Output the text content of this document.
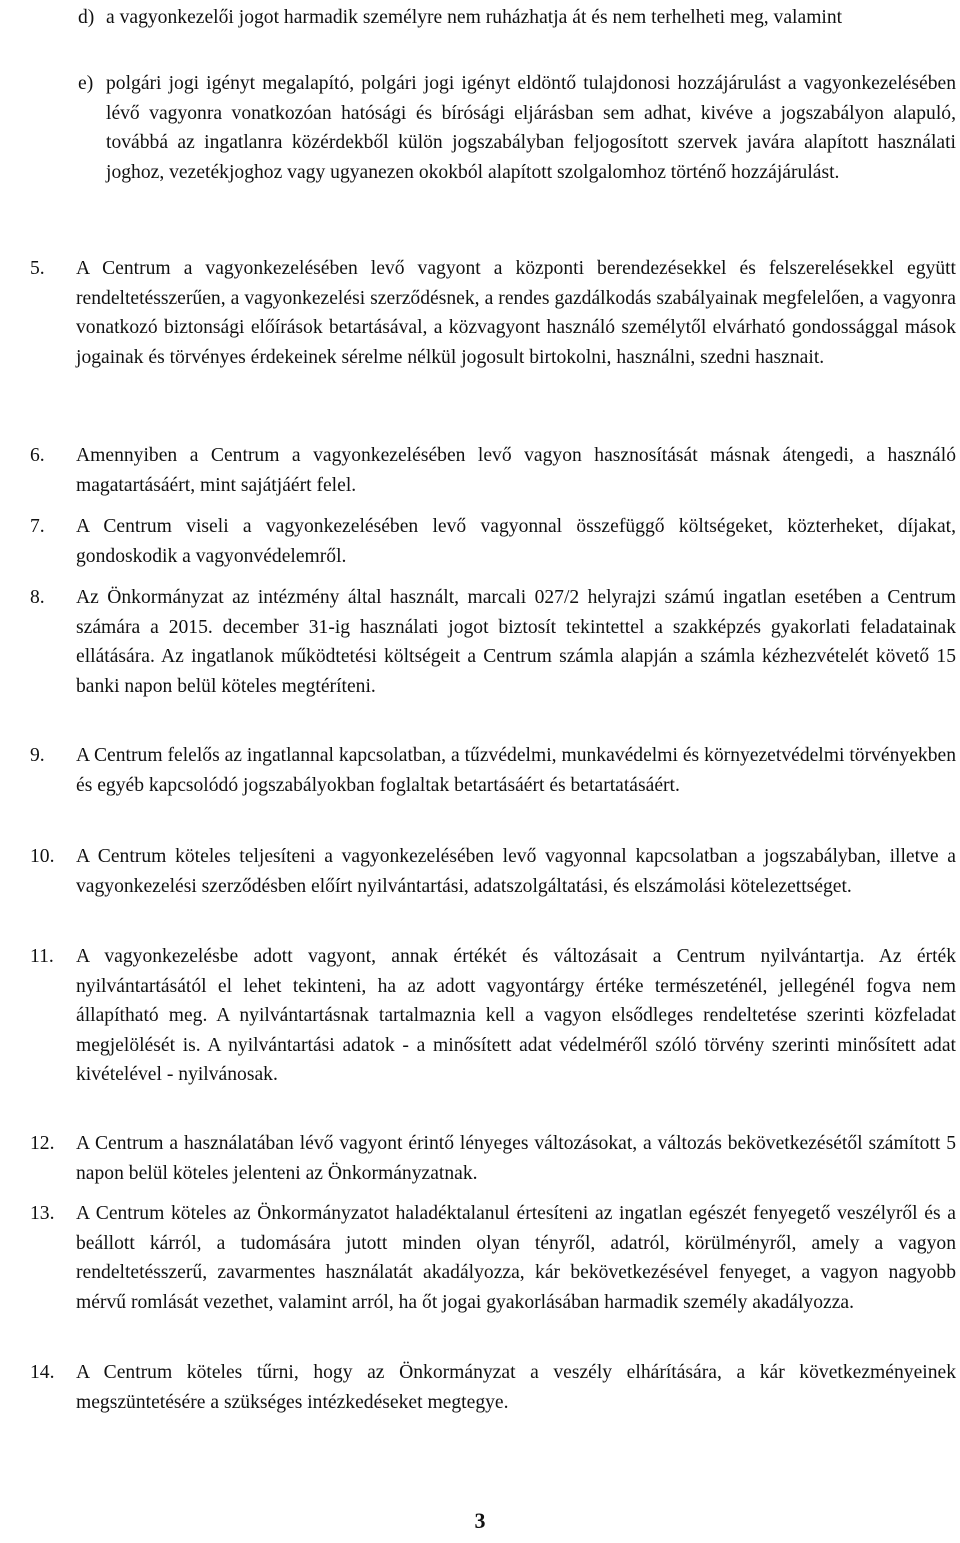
d) a vagyonkezelői jogot harmadik személyre nem ruházhatja át és nem terhelheti meg, valamint
e) polgári jogi igényt megalapító, polgári jogi igényt eldöntő tulajdonosi hozzájárulást a vagyonkezelésében lévő vagyonra vonatkozóan hatósági és bírósági eljárásban sem adhat, kivéve a jogszabályon alapuló, továbbá az ingatlanra közérdekből külön jogszabályban feljogosított szervek javára alapított használati joghoz, vezetékjoghoz vagy ugyanezen okokból alapított szolgalomhoz történő hozzájárulást.
5.	A Centrum a vagyonkezelésében levő vagyont a központi berendezésekkel és felszerelésekkel együtt rendeltetésszerűen, a vagyonkezelési szerződésnek, a rendes gazdálkodás szabályainak megfelelően, a vagyonra vonatkozó biztonsági előírások betartásával, a közvagyont használó személytől elvárható gondossággal mások jogainak és törvényes érdekeinek sérelme nélkül jogosult birtokolni, használni, szedni hasznait.
6.	Amennyiben a Centrum a vagyonkezelésében levő vagyon hasznosítását másnak átengedi, a használó magatartásáért, mint sajátjáért felel.
7.	A Centrum viseli a vagyonkezelésében levő vagyonnal összefüggő költségeket, közterheket, díjakat, gondoskodik a vagyonvédelemről.
8.	Az Önkormányzat az intézmény által használt, marcali 027/2 helyrajzi számú ingatlan esetében a Centrum számára a 2015. december 31-ig használati jogot biztosít tekintettel a szakképzés gyakorlati feladatainak ellátására. Az ingatlanok működtetési költségeit a Centrum számla alapján a számla kézhezvételét követő 15 banki napon belül köteles megtéríteni.
9.	A Centrum felelős az ingatlannal kapcsolatban, a tűzvédelmi, munkavédelmi és környezetvédelmi törvényekben és egyéb kapcsolódó jogszabályokban foglaltak betartásáért és betartatásáért.
10.	A Centrum köteles teljesíteni a vagyonkezelésében levő vagyonnal kapcsolatban a jogszabályban, illetve a vagyonkezelési szerződésben előírt nyilvántartási, adatszolgáltatási, és elszámolási kötelezettséget.
11.	A vagyonkezelésbe adott vagyont, annak értékét és változásait a Centrum nyilvántartja. Az érték nyilvántartásától el lehet tekinteni, ha az adott vagyontárgy értéke természeténél, jellegénél fogva nem állapítható meg. A nyilvántartásnak tartalmaznia kell a vagyon elsődleges rendeltetése szerinti közfeladat megjelölését is. A nyilvántartási adatok - a minősített adat védelméről szóló törvény szerinti minősített adat kivételével - nyilvánosak.
12.	A Centrum a használatában lévő vagyont érintő lényeges változásokat, a változás bekövetkezésétől számított 5 napon belül köteles jelenteni az Önkormányzatnak.
13.	A Centrum köteles az Önkormányzatot haladéktalanul értesíteni az ingatlan egészét fenyegető veszélyről és a beállott kárról, a tudomására jutott minden olyan tényről, adatról, körülményről, amely a vagyon rendeltetésszerű, zavarmentes használatát akadályozza, kár bekövetkezésével fenyeget, a vagyon nagyobb mérvű romlását vezethet, valamint arról, ha őt jogai gyakorlásában harmadik személy akadályozza.
14.	A Centrum köteles tűrni, hogy az Önkormányzat a veszély elhárítására, a kár következményeinek megszüntetésére a szükséges intézkedéseket megtegye.
3
